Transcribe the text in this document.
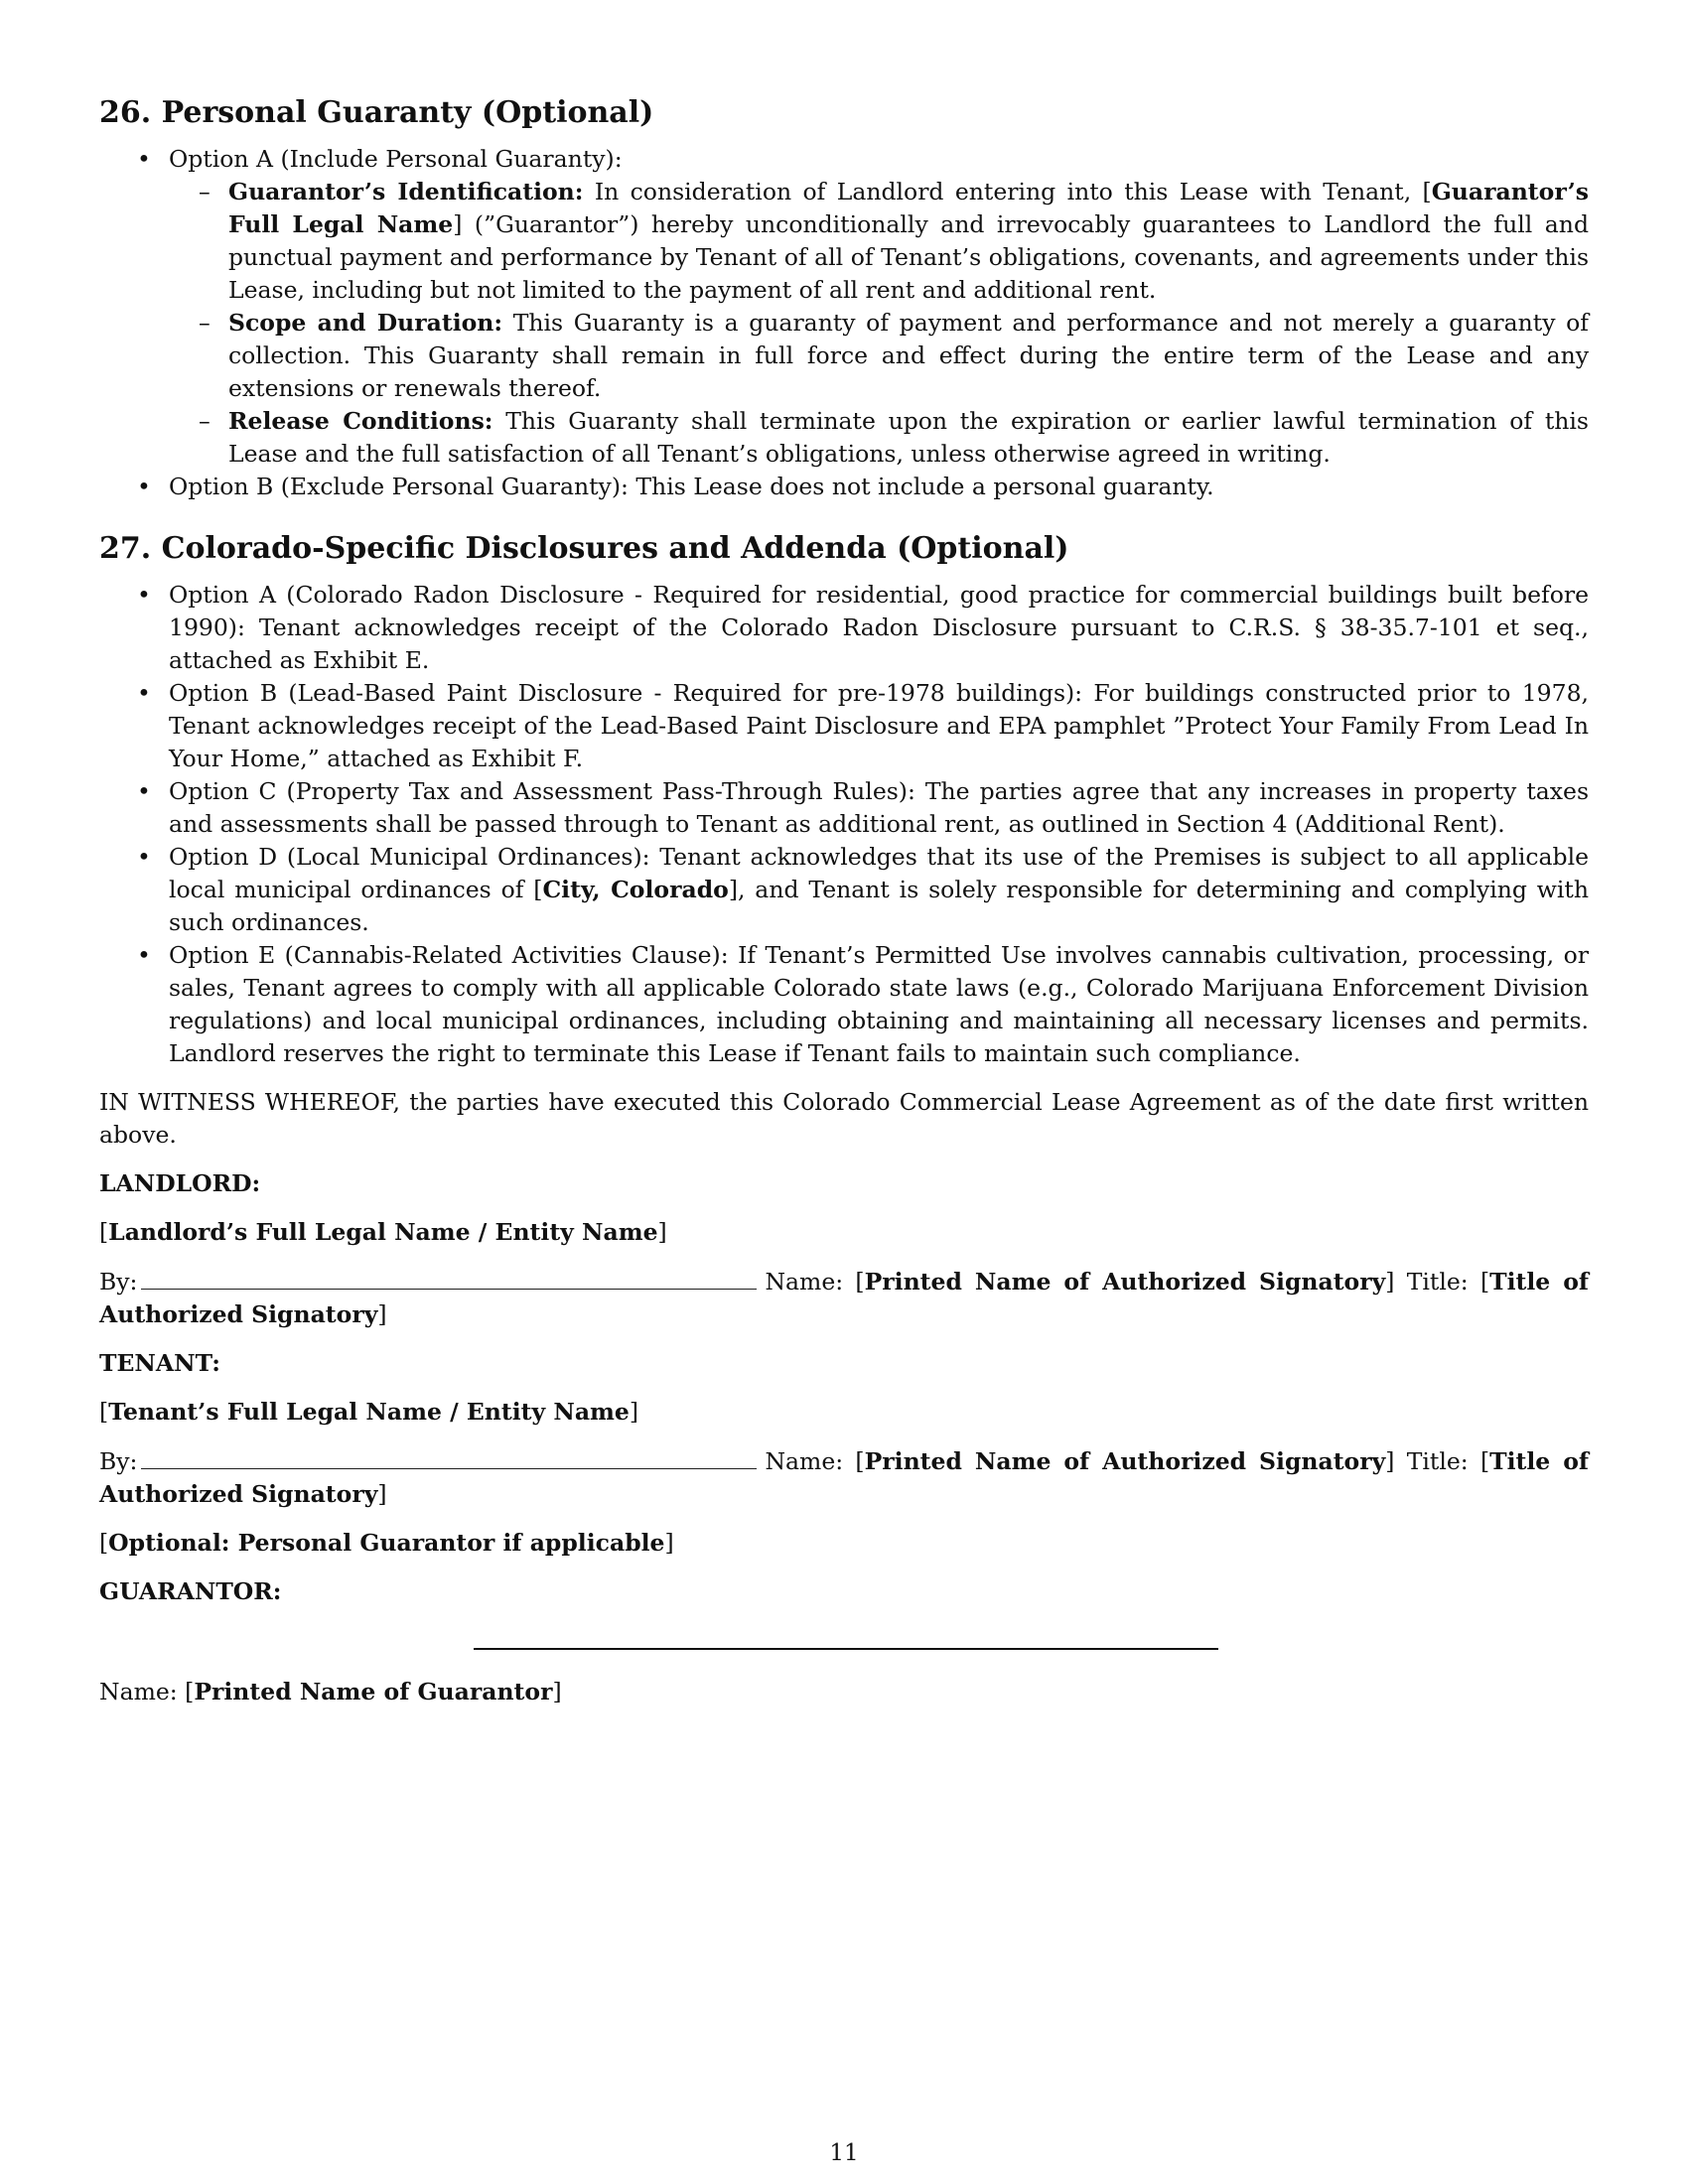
26. Personal Guaranty (Optional)
• Option A (Include Personal Guaranty):
– Guarantor’s Identification: In consideration of Landlord entering into this Lease with Tenant, [Guarantor’s Full Legal Name] (”Guarantor”) hereby unconditionally and irrevocably guarantees to Landlord the full and punctual payment and performance by Tenant of all of Tenant’s obligations, covenants, and agreements under this Lease, including but not limited to the payment of all rent and additional rent.
– Scope and Duration: This Guaranty is a guaranty of payment and performance and not merely a guaranty of collection. This Guaranty shall remain in full force and effect during the entire term of the Lease and any extensions or renewals thereof.
– Release Conditions: This Guaranty shall terminate upon the expiration or earlier lawful termination of this Lease and the full satisfaction of all Tenant’s obligations, unless otherwise agreed in writing.
• Option B (Exclude Personal Guaranty): This Lease does not include a personal guaranty.
27. Colorado-Specific Disclosures and Addenda (Optional)
• Option A (Colorado Radon Disclosure - Required for residential, good practice for commercial buildings built before 1990): Tenant acknowledges receipt of the Colorado Radon Disclosure pursuant to C.R.S. § 38-35.7-101 et seq., attached as Exhibit E.
• Option B (Lead-Based Paint Disclosure - Required for pre-1978 buildings): For buildings constructed prior to 1978, Tenant acknowledges receipt of the Lead-Based Paint Disclosure and EPA pamphlet ”Protect Your Family From Lead In Your Home,” attached as Exhibit F.
• Option C (Property Tax and Assessment Pass-Through Rules): The parties agree that any increases in property taxes and assessments shall be passed through to Tenant as additional rent, as outlined in Section 4 (Additional Rent).
• Option D (Local Municipal Ordinances): Tenant acknowledges that its use of the Premises is subject to all applicable local municipal ordinances of [City, Colorado], and Tenant is solely responsible for determining and complying with such ordinances.
• Option E (Cannabis-Related Activities Clause): If Tenant’s Permitted Use involves cannabis cultivation, processing, or sales, Tenant agrees to comply with all applicable Colorado state laws (e.g., Colorado Marijuana Enforcement Division regulations) and local municipal ordinances, including obtaining and maintaining all necessary licenses and permits. Landlord reserves the right to terminate this Lease if Tenant fails to maintain such compliance.

IN WITNESS WHEREOF, the parties have executed this Colorado Commercial Lease Agreement as of the date first written above.

LANDLORD:

[Landlord’s Full Legal Name / Entity Name]

By:	Name: [Printed Name of Authorized Signatory] Title: [Title of Authorized Signatory]

TENANT:

[Tenant’s Full Legal Name / Entity Name]

By:	Name: [Printed Name of Authorized Signatory] Title: [Title of Authorized Signatory]

[Optional: Personal Guarantor if applicable]

GUARANTOR:

Name: [Printed Name of Guarantor]

11
